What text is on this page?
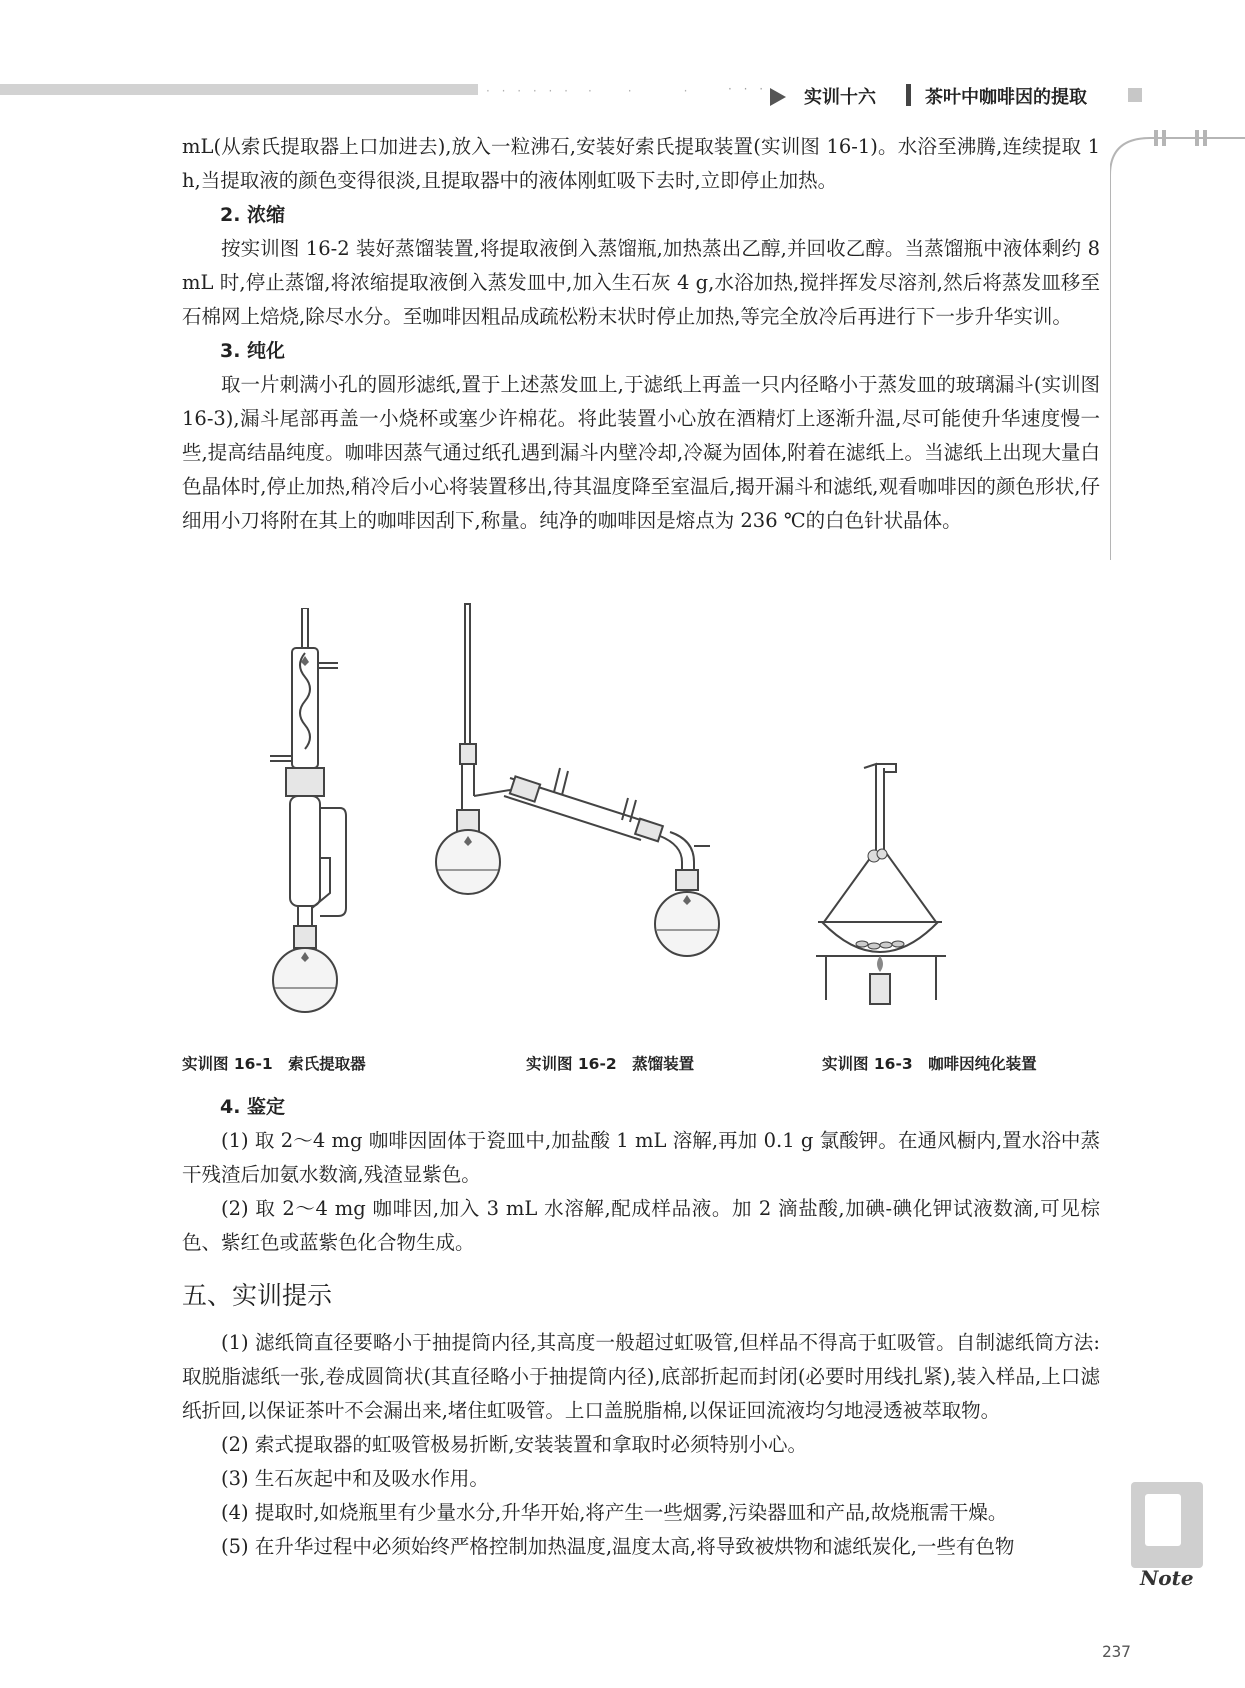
· · · · · ·　·　　·　　　·	· · · 实训十六	茶叶中咖啡因的提取

mL(从索氏提取器上口加进去),放入一粒沸石,安装好索氏提取装置(实训图 16-1)。水浴至沸腾,连续提取 1 h,当提取液的颜色变得很淡,且提取器中的液体刚虹吸下去时,立即停止加热。

2. 浓缩

按实训图 16-2 装好蒸馏装置,将提取液倒入蒸馏瓶,加热蒸出乙醇,并回收乙醇。当蒸馏瓶中液体剩约 8 mL 时,停止蒸馏,将浓缩提取液倒入蒸发皿中,加入生石灰 4 g,水浴加热,搅拌挥发尽溶剂,然后将蒸发皿移至石棉网上焙烧,除尽水分。至咖啡因粗品成疏松粉末状时停止加热,等完全放冷后再进行下一步升华实训。

3. 纯化

取一片刺满小孔的圆形滤纸,置于上述蒸发皿上,于滤纸上再盖一只内径略小于蒸发皿的玻璃漏斗(实训图 16-3),漏斗尾部再盖一小烧杯或塞少许棉花。将此装置小心放在酒精灯上逐渐升温,尽可能使升华速度慢一些,提高结晶纯度。咖啡因蒸气通过纸孔遇到漏斗内壁冷却,冷凝为固体,附着在滤纸上。当滤纸上出现大量白色晶体时,停止加热,稍冷后小心将装置移出,待其温度降至室温后,揭开漏斗和滤纸,观看咖啡因的颜色形状,仔细用小刀将附在其上的咖啡因刮下,称量。纯净的咖啡因是熔点为 236 ℃的白色针状晶体。

实训图 16-1　索氏提取器	实训图 16-2　蒸馏装置	实训图 16-3　咖啡因纯化装置

4. 鉴定

(1) 取 2～4 mg 咖啡因固体于瓷皿中,加盐酸 1 mL 溶解,再加 0.1 g 氯酸钾。在通风橱内,置水浴中蒸干残渣后加氨水数滴,残渣显紫色。

(2) 取 2～4 mg 咖啡因,加入 3 mL 水溶解,配成样品液。加 2 滴盐酸,加碘-碘化钾试液数滴,可见棕色、紫红色或蓝紫色化合物生成。

五、实训提示

(1) 滤纸筒直径要略小于抽提筒内径,其高度一般超过虹吸管,但样品不得高于虹吸管。自制滤纸筒方法:取脱脂滤纸一张,卷成圆筒状(其直径略小于抽提筒内径),底部折起而封闭(必要时用线扎紧),装入样品,上口滤纸折回,以保证茶叶不会漏出来,堵住虹吸管。上口盖脱脂棉,以保证回流液均匀地浸透被萃取物。

(2) 索式提取器的虹吸管极易折断,安装装置和拿取时必须特别小心。

(3) 生石灰起中和及吸水作用。

(4) 提取时,如烧瓶里有少量水分,升华开始,将产生一些烟雾,污染器皿和产品,故烧瓶需干燥。

(5) 在升华过程中必须始终严格控制加热温度,温度太高,将导致被烘物和滤纸炭化,一些有色物

Note
237
